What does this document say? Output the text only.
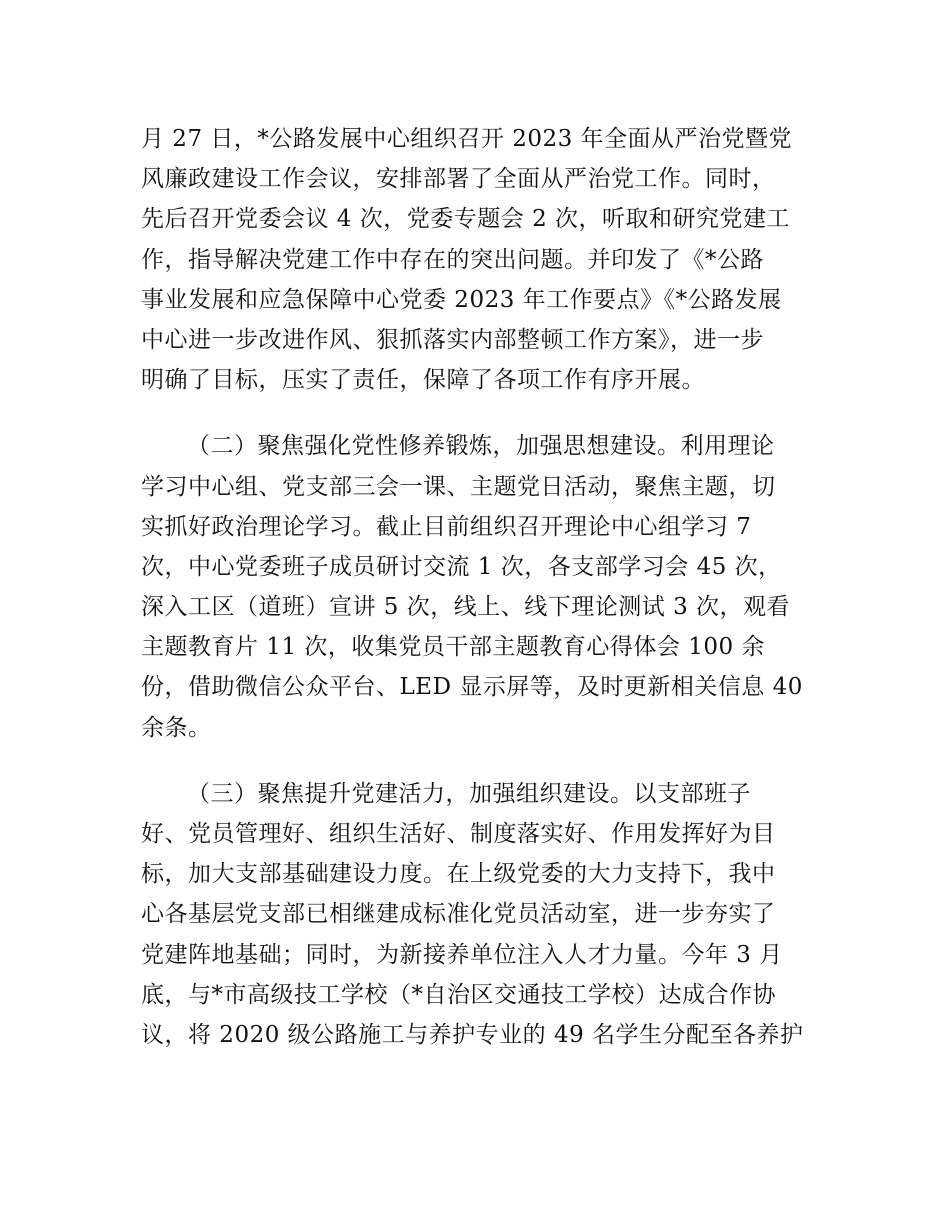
月 27 日，*公路发展中心组织召开 2023 年全面从严治党暨党
风廉政建设工作会议，安排部署了全面从严治党工作。同时，
先后召开党委会议 4 次，党委专题会 2 次，听取和研究党建工
作，指导解决党建工作中存在的突出问题。并印发了《*公路
事业发展和应急保障中心党委 2023 年工作要点》《*公路发展
中心进一步改进作风、狠抓落实内部整顿工作方案》，进一步
明确了目标，压实了责任，保障了各项工作有序开展。
（二）聚焦强化党性修养锻炼，加强思想建设。利用理论
学习中心组、党支部三会一课、主题党日活动，聚焦主题，切
实抓好政治理论学习。截止目前组织召开理论中心组学习 7
次，中心党委班子成员研讨交流 1 次，各支部学习会 45 次，
深入工区（道班）宣讲 5 次，线上、线下理论测试 3 次，观看
主题教育片 11 次，收集党员干部主题教育心得体会 100 余
份，借助微信公众平台、LED 显示屏等，及时更新相关信息 40
余条。
（三）聚焦提升党建活力，加强组织建设。以支部班子
好、党员管理好、组织生活好、制度落实好、作用发挥好为目
标，加大支部基础建设力度。在上级党委的大力支持下，我中
心各基层党支部已相继建成标准化党员活动室，进一步夯实了
党建阵地基础；同时，为新接养单位注入人才力量。今年 3 月
底，与*市高级技工学校（*自治区交通技工学校）达成合作协
议，将 2020 级公路施工与养护专业的 49 名学生分配至各养护
